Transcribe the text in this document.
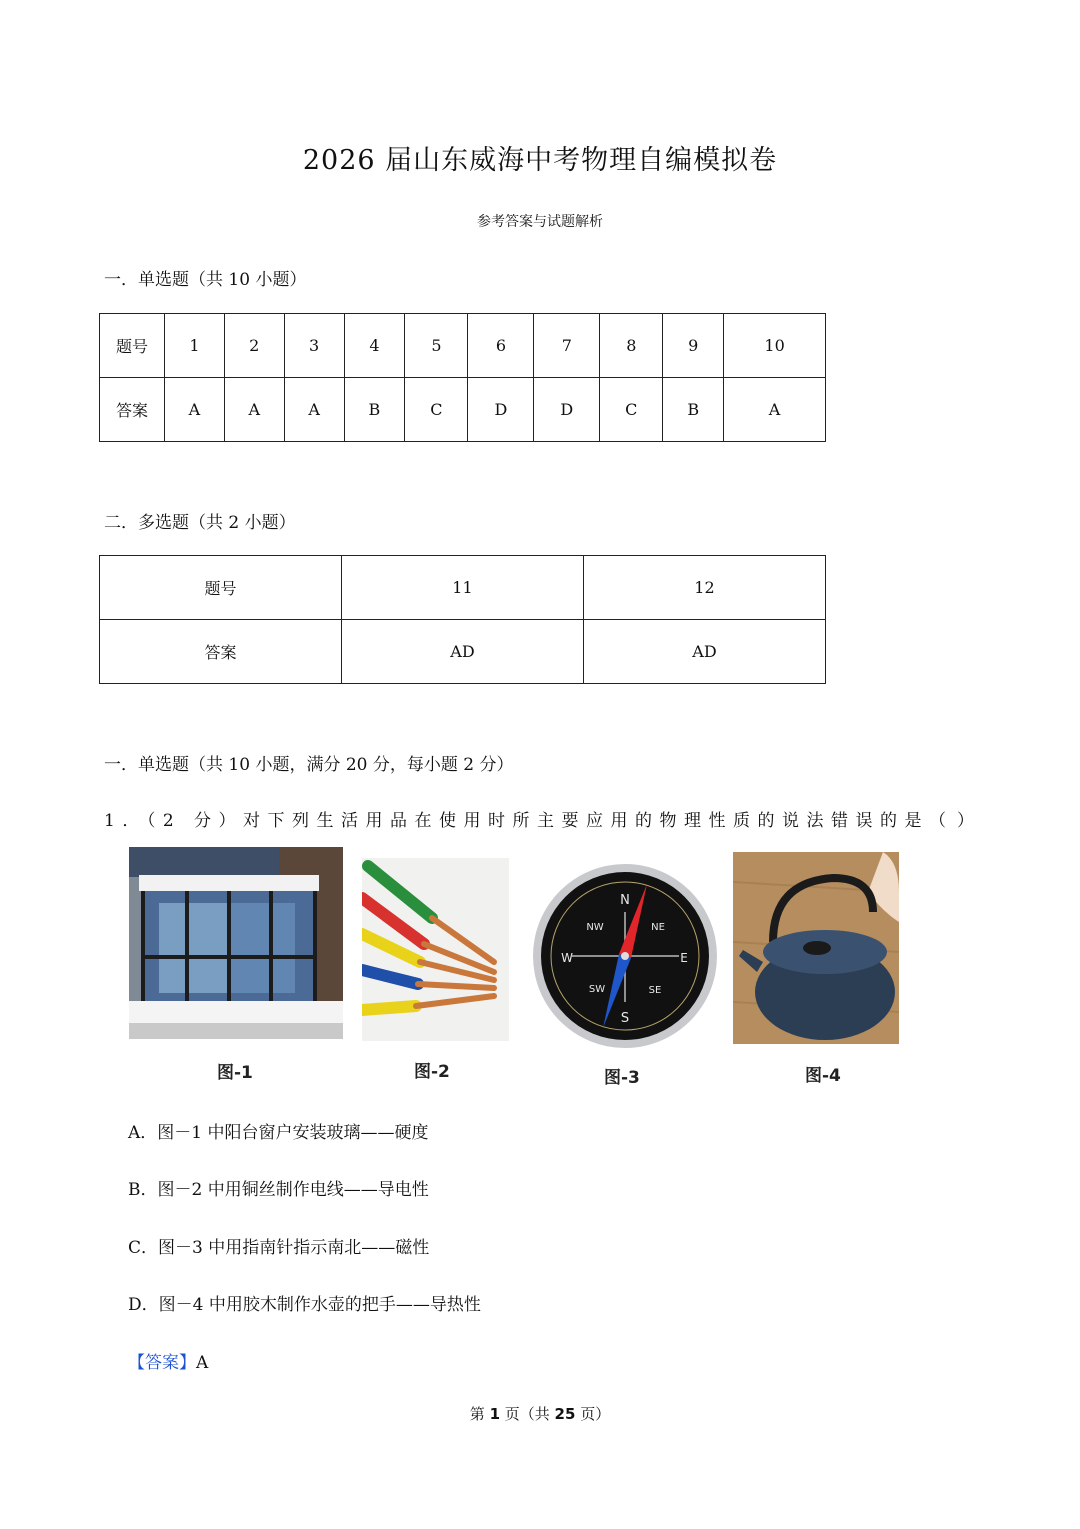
2026 届山东威海中考物理自编模拟卷
参考答案与试题解析
一．单选题（共 10 小题）
题号	1	2	3	4	5	6	7	8	9	10
答案	A	A	A	B	C	D	D	C	B	A
二．多选题（共 2 小题）
题号	11	12
答案	AD	AD
一．单选题（共 10 小题，满分 20 分，每小题 2 分）
1．（2 分）对下列生活用品在使用时所主要应用的物理性质的说法错误的是（ ）
图-1	图-2
N
NE
E
SE
S
SW
W
NW
图-3	图-4
A．图－1 中阳台窗户安装玻璃——硬度
B．图－2 中用铜丝制作电线——导电性
C．图－3 中用指南针指示南北——磁性
D．图－4 中用胶木制作水壶的把手——导热性
【答案】A
第 1 页（共 25 页）
